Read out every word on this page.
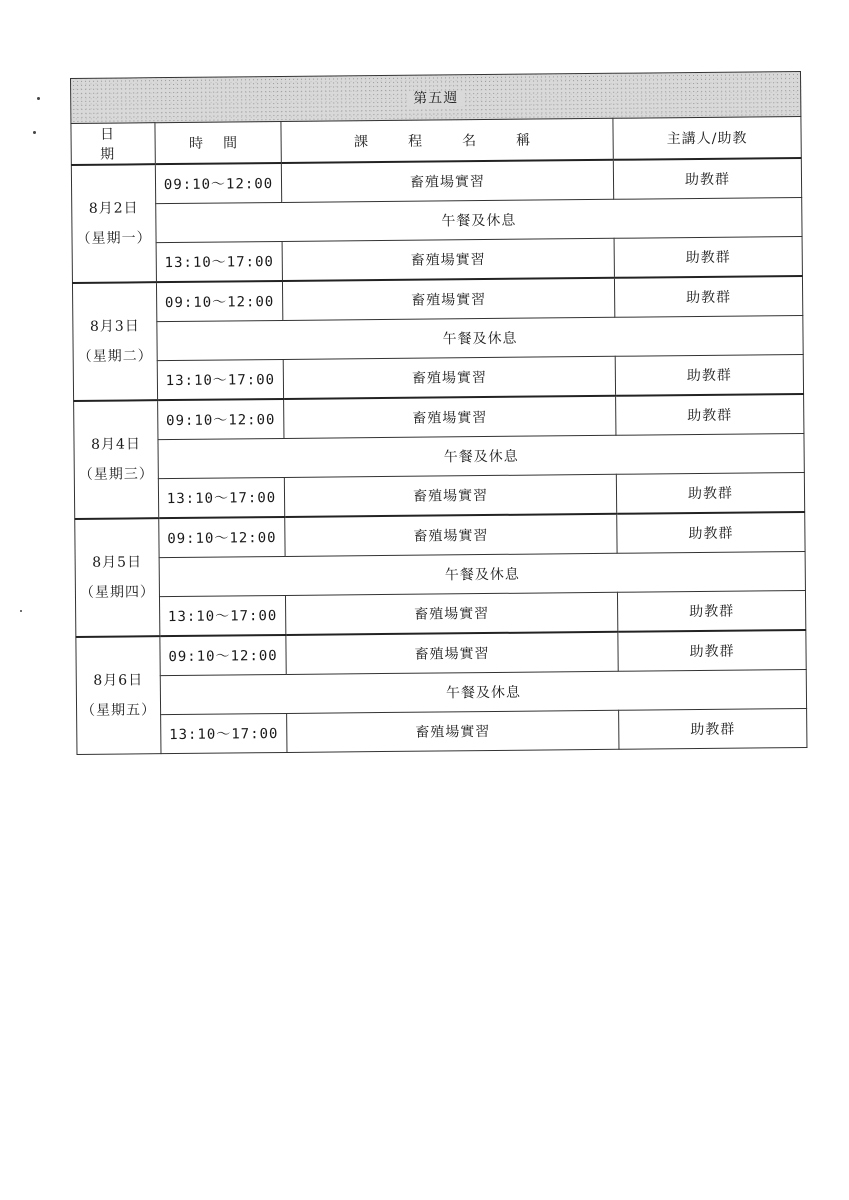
第五週			
日期	時間	課程名稱	主講人/助教

8月2日
（星期一）	09:10～12:00	畜殖場實習	助教群
	午餐及休息		
	13:10～17:00	畜殖場實習	助教群

8月3日
（星期二）	09:10～12:00	畜殖場實習	助教群
	午餐及休息		
	13:10～17:00	畜殖場實習	助教群

8月4日
（星期三）	09:10～12:00	畜殖場實習	助教群
	午餐及休息		
	13:10～17:00	畜殖場實習	助教群

8月5日
（星期四）	09:10～12:00	畜殖場實習	助教群
	午餐及休息		
	13:10～17:00	畜殖場實習	助教群

8月6日
（星期五）	09:10～12:00	畜殖場實習	助教群
	午餐及休息		
	13:10～17:00	畜殖場實習	助教群
